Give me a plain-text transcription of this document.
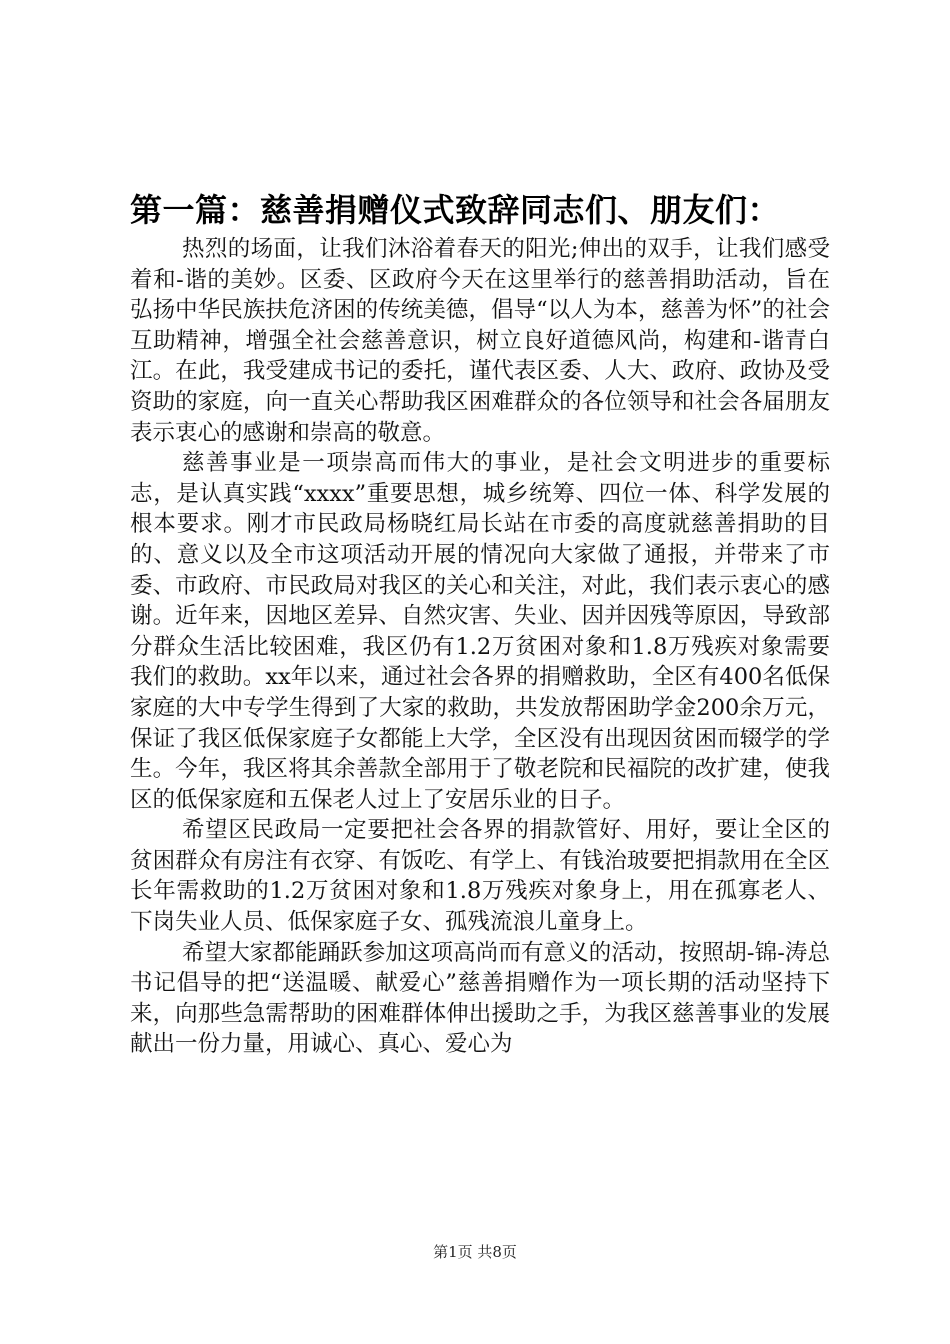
第一篇：慈善捐赠仪式致辞同志们、朋友们：

热烈的场面，让我们沐浴着春天的阳光;伸出的双手，让我们感受着和-谐的美妙。区委、区政府今天在这里举行的慈善捐助活动，旨在弘扬中华民族扶危济困的传统美德，倡导“以人为本，慈善为怀”的社会互助精神，增强全社会慈善意识，树立良好道德风尚，构建和-谐青白江。在此，我受建成书记的委托，谨代表区委、人大、政府、政协及受资助的家庭，向一直关心帮助我区困难群众的各位领导和社会各届朋友表示衷心的感谢和崇高的敬意。

慈善事业是一项崇高而伟大的事业，是社会文明进步的重要标志，是认真实践“xxxx”重要思想，城乡统筹、四位一体、科学发展的根本要求。刚才市民政局杨晓红局长站在市委的高度就慈善捐助的目的、意义以及全市这项活动开展的情况向大家做了通报，并带来了市委、市政府、市民政局对我区的关心和关注，对此，我们表示衷心的感谢。近年来，因地区差异、自然灾害、失业、因并因残等原因，导致部分群众生活比较困难，我区仍有1.2万贫困对象和1.8万残疾对象需要我们的救助。xx年以来，通过社会各界的捐赠救助，全区有400名低保家庭的大中专学生得到了大家的救助，共发放帮困助学金200余万元，保证了我区低保家庭子女都能上大学，全区没有出现因贫困而辍学的学生。今年，我区将其余善款全部用于了敬老院和民福院的改扩建，使我区的低保家庭和五保老人过上了安居乐业的日子。

希望区民政局一定要把社会各界的捐款管好、用好，要让全区的贫困群众有房注有衣穿、有饭吃、有学上、有钱治玻要把捐款用在全区长年需救助的1.2万贫困对象和1.8万残疾对象身上，用在孤寡老人、下岗失业人员、低保家庭子女、孤残流浪儿童身上。

希望大家都能踊跃参加这项高尚而有意义的活动，按照胡-锦-涛总书记倡导的把“送温暖、献爱心”慈善捐赠作为一项长期的活动坚持下来，向那些急需帮助的困难群体伸出援助之手，为我区慈善事业的发展献出一份力量，用诚心、真心、爱心为

第1页 共8页
